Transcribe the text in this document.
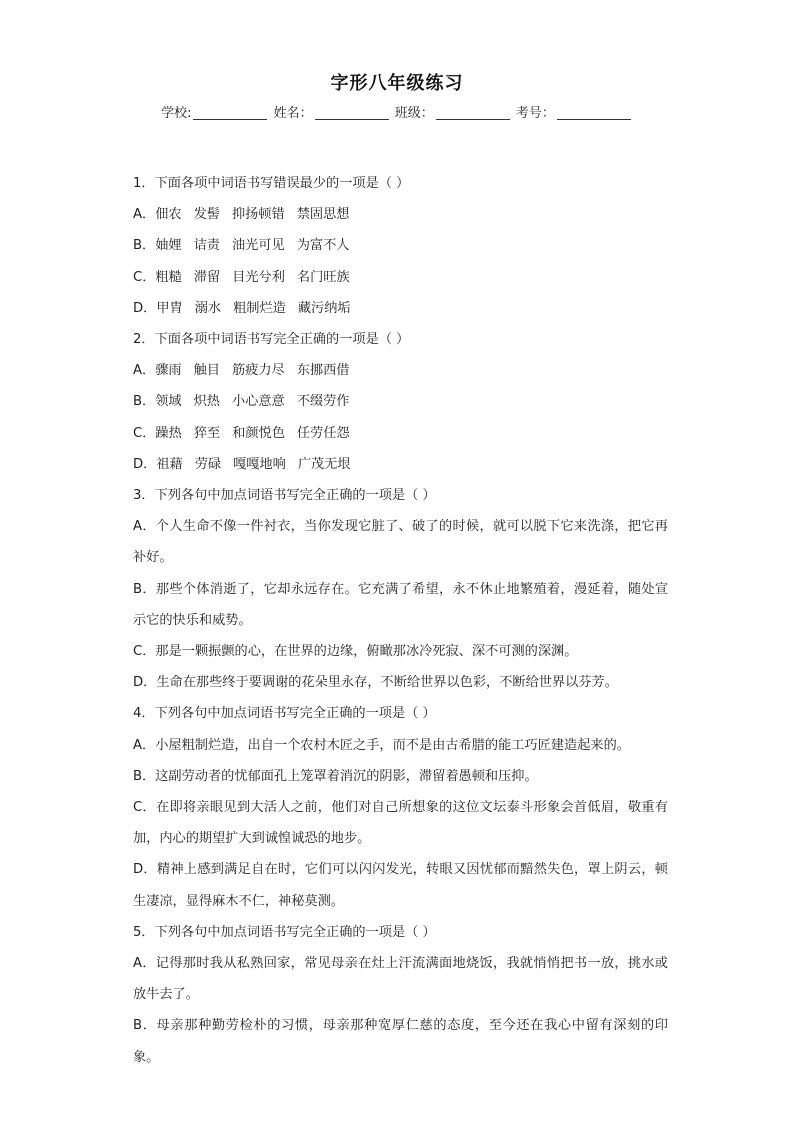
字形八年级练习
学校:	姓名：	班级：	考号：
1．下面各项中词语书写错误最少的一项是（ ）
A．佃农 发髻 抑扬顿错 禁固思想
B．妯娌 诘责 油光可见 为富不人
C．粗糙 滞留 目光兮利 名门旺族
D．甲胄 溺水 粗制烂造 藏污纳垢
2．下面各项中词语书写完全正确的一项是（ ）
A．骤雨 触目 筋疲力尽 东挪西借
B．领域 炽热 小心意意 不缀劳作
C．躁热 猝至 和颜悦色 任劳任怨
D．祖藉 劳碌 嘎嘎地响 广茂无垠
3．下列各句中加点词语书写完全正确的一项是（ ）
A．个人生命不像一件衬衣，当你发现它脏了、破了的时候，就可以脱下它来洗涤，把它再补好。
B．那些个体消逝了，它却永远存在。它充满了希望，永不休止地繁殖着，漫延着，随处宣示它的快乐和威势。
C．那是一颗振颤的心，在世界的边缘，俯瞰那冰冷死寂、深不可测的深渊。
D．生命在那些终于要调谢的花朵里永存，不断给世界以色彩，不断给世界以芬芳。
4．下列各句中加点词语书写完全正确的一项是（ ）
A．小屋粗制烂造，出自一个农村木匠之手，而不是由古希腊的能工巧匠建造起来的。
B．这副劳动者的忧郁面孔上笼罩着消沉的阴影，滞留着愚顿和压抑。
C．在即将亲眼见到大活人之前，他们对自己所想象的这位文坛泰斗形象会首低眉，敬重有加，内心的期望扩大到诚惶诚恐的地步。
D．精神上感到满足自在时，它们可以闪闪发光，转眼又因忧郁而黯然失色，罩上阴云，顿生凄凉，显得麻木不仁，神秘莫测。
5．下列各句中加点词语书写完全正确的一项是（ ）
A．记得那时我从私熟回家，常见母亲在灶上汗流满面地烧饭，我就悄悄把书一放，挑水或放牛去了。
B．母亲那种勤劳检朴的习惯，母亲那种宽厚仁慈的态度，至今还在我心中留有深刻的印象。
